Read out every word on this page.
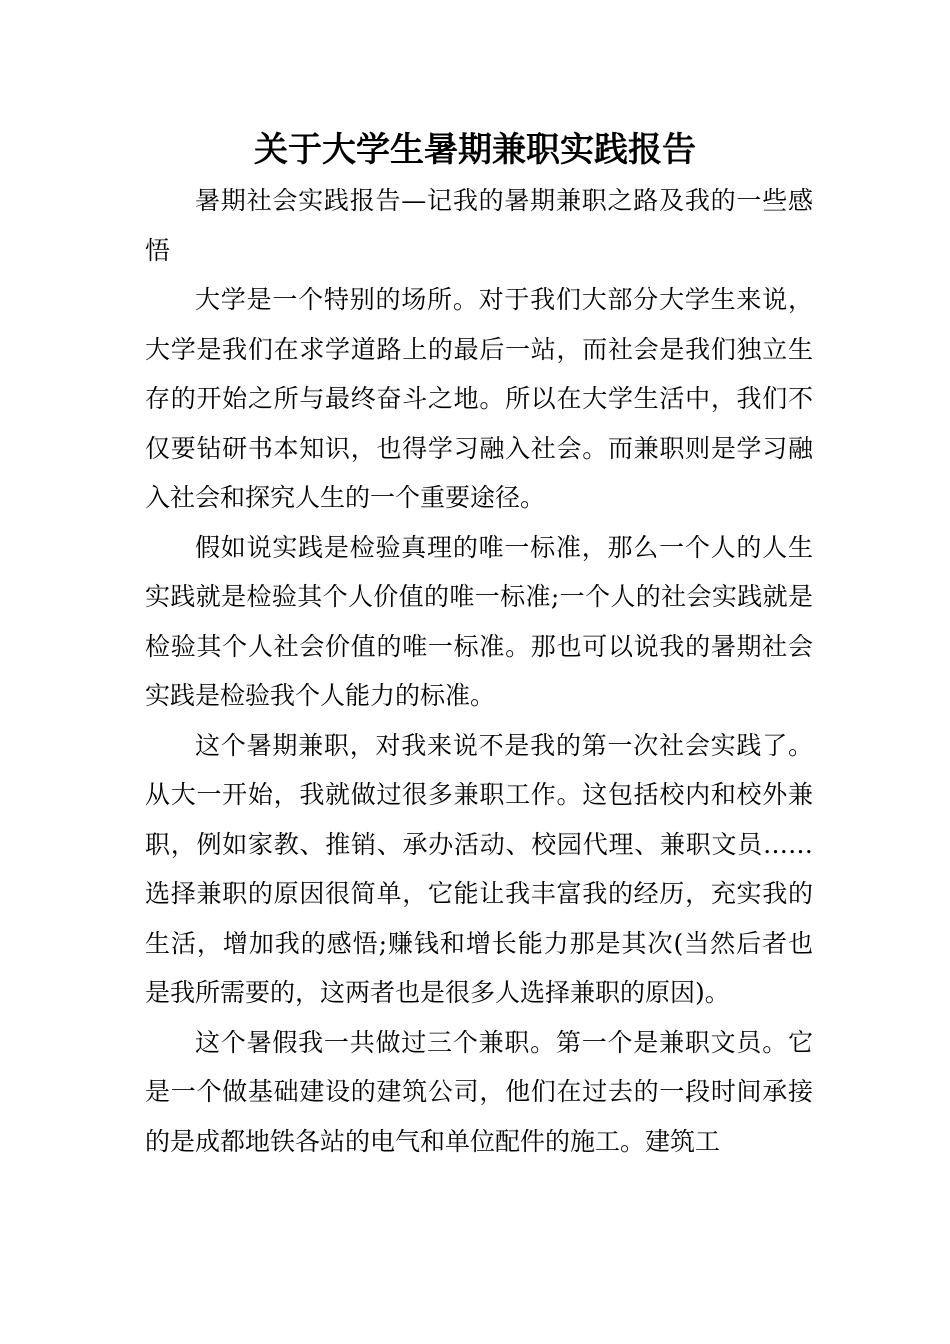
关于大学生暑期兼职实践报告

暑期社会实践报告—记我的暑期兼职之路及我的一些感悟

大学是一个特别的场所。对于我们大部分大学生来说，大学是我们在求学道路上的最后一站，而社会是我们独立生存的开始之所与最终奋斗之地。所以在大学生活中，我们不仅要钻研书本知识，也得学习融入社会。而兼职则是学习融入社会和探究人生的一个重要途径。

假如说实践是检验真理的唯一标准，那么一个人的人生实践就是检验其个人价值的唯一标准;一个人的社会实践就是检验其个人社会价值的唯一标准。那也可以说我的暑期社会实践是检验我个人能力的标准。

这个暑期兼职，对我来说不是我的第一次社会实践了。从大一开始，我就做过很多兼职工作。这包括校内和校外兼职，例如家教、推销、承办活动、校园代理、兼职文员……选择兼职的原因很简单，它能让我丰富我的经历，充实我的生活，增加我的感悟;赚钱和增长能力那是其次(当然后者也是我所需要的，这两者也是很多人选择兼职的原因)。

这个暑假我一共做过三个兼职。第一个是兼职文员。它是一个做基础建设的建筑公司，他们在过去的一段时间承接的是成都地铁各站的电气和单位配件的施工。建筑工
